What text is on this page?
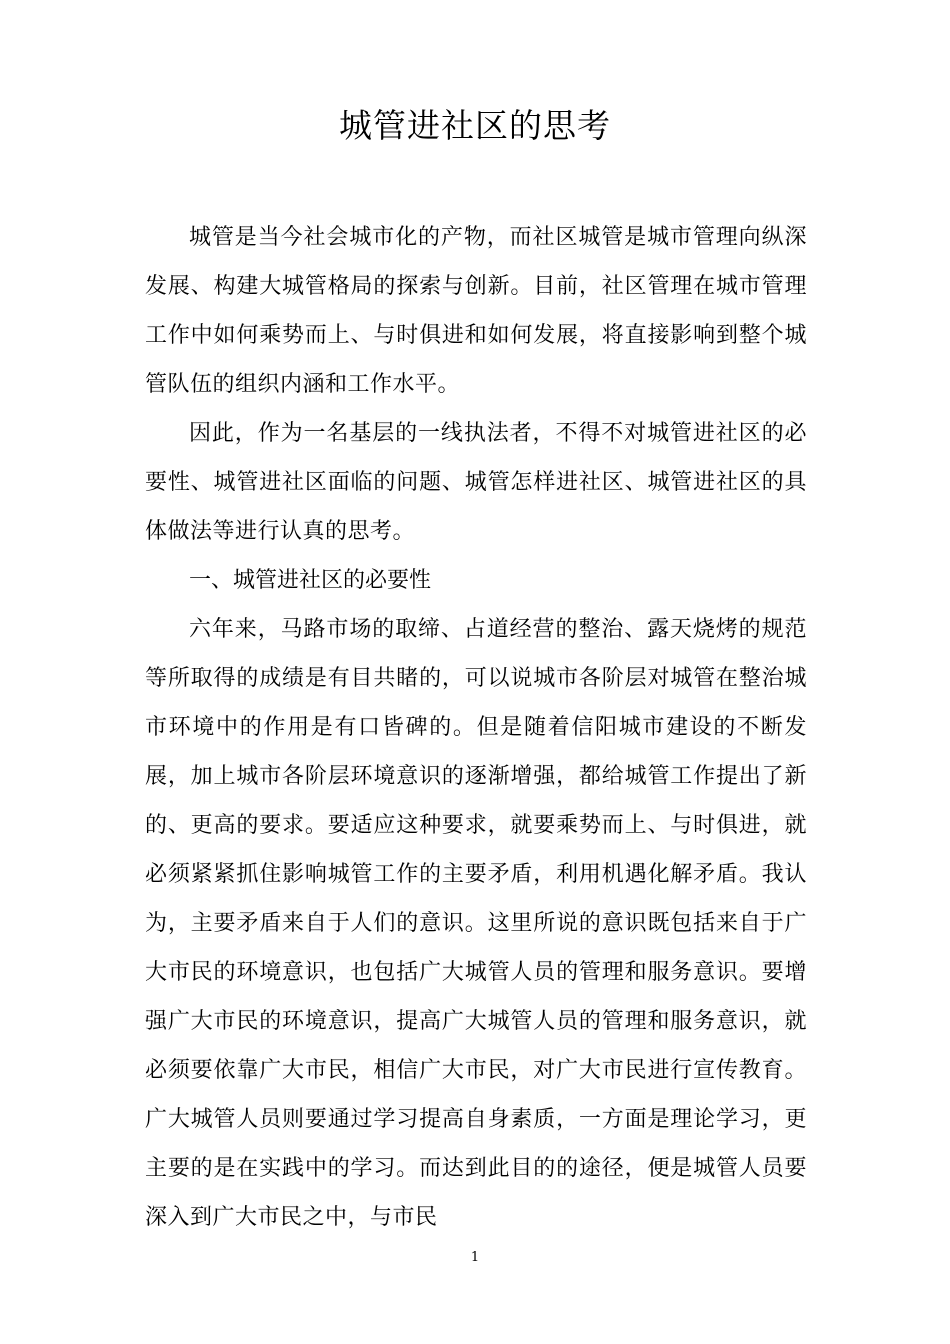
城管进社区的思考

城管是当今社会城市化的产物，而社区城管是城市管理向纵深发展、构建大城管格局的探索与创新。目前，社区管理在城市管理工作中如何乘势而上、与时俱进和如何发展，将直接影响到整个城管队伍的组织内涵和工作水平。

因此，作为一名基层的一线执法者，不得不对城管进社区的必要性、城管进社区面临的问题、城管怎样进社区、城管进社区的具体做法等进行认真的思考。

一、城管进社区的必要性

六年来，马路市场的取缔、占道经营的整治、露天烧烤的规范等所取得的成绩是有目共睹的，可以说城市各阶层对城管在整治城市环境中的作用是有口皆碑的。但是随着信阳城市建设的不断发展，加上城市各阶层环境意识的逐渐增强，都给城管工作提出了新的、更高的要求。要适应这种要求，就要乘势而上、与时俱进，就必须紧紧抓住影响城管工作的主要矛盾，利用机遇化解矛盾。我认为，主要矛盾来自于人们的意识。这里所说的意识既包括来自于广大市民的环境意识，也包括广大城管人员的管理和服务意识。要增强广大市民的环境意识，提高广大城管人员的管理和服务意识，就必须要依靠广大市民，相信广大市民，对广大市民进行宣传教育。广大城管人员则要通过学习提高自身素质，一方面是理论学习，更主要的是在实践中的学习。而达到此目的的途径，便是城管人员要深入到广大市民之中，与市民

1
